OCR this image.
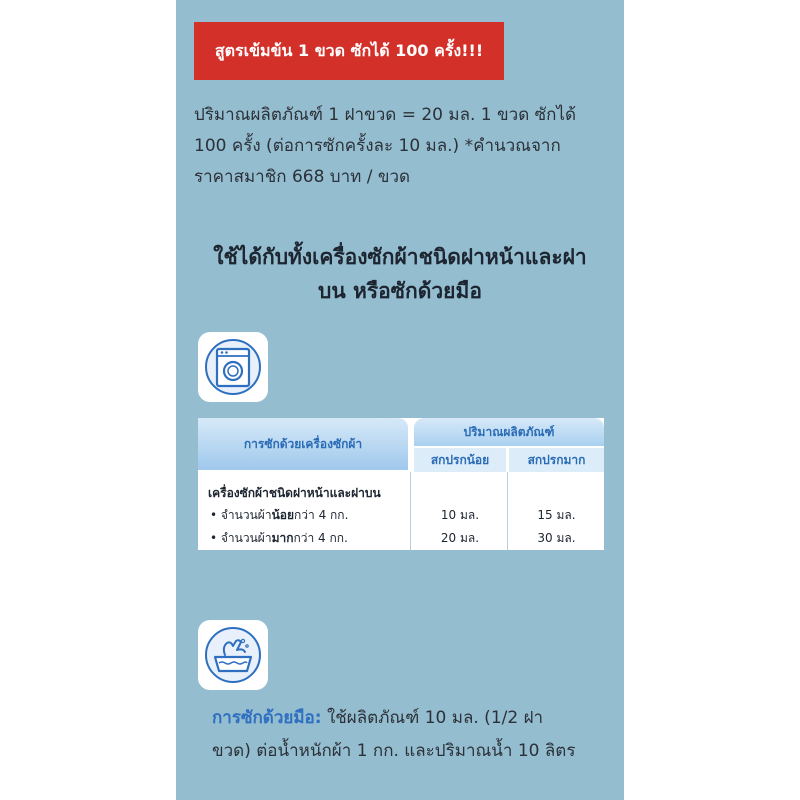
สูตรเข้มข้น 1 ขวด ซักได้ 100 ครั้ง!!!
ปริมาณผลิตภัณฑ์ 1 ฝาขวด = 20 มล. 1 ขวด ซักได้
100 ครั้ง (ต่อการซักครั้งละ 10 มล.) *คำนวณจาก
ราคาสมาชิก 668 บาท / ขวด
ใช้ได้กับทั้งเครื่องซักผ้าชนิดฝาหน้าและฝา
บน หรือซักด้วยมือ
การซักด้วยเครื่องซักผ้า
ปริมาณผลิตภัณฑ์
สกปรกน้อย	สกปรกมาก
เครื่องซักผ้าชนิดฝาหน้าและฝาบน
• จำนวนผ้าน้อยกว่า 4 กก.	10 มล.	15 มล.
• จำนวนผ้ามากกว่า 4 กก.	20 มล.	30 มล.
การซักด้วยมือ: ใช้ผลิตภัณฑ์ 10 มล. (1/2 ฝา
ขวด) ต่อน้ำหนักผ้า 1 กก. และปริมาณน้ำ 10 ลิตร
